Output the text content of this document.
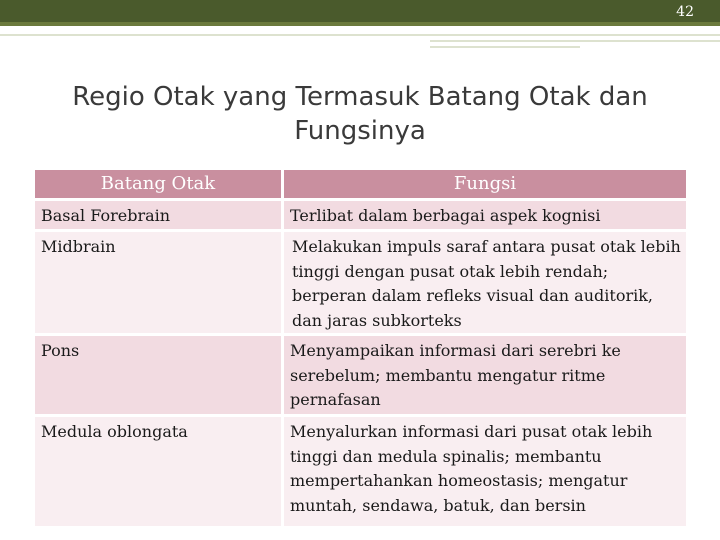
42
Regio Otak yang Termasuk Batang Otak dan Fungsinya
Batang Otak	Fungsi
Basal Forebrain	Terlibat dalam berbagai aspek kognisi
Midbrain	Melakukan impuls saraf antara pusat otak lebih tinggi dengan pusat otak lebih rendah; berperan dalam refleks visual dan auditorik, dan jaras subkorteks
Pons	Menyampaikan informasi dari serebri ke serebelum; membantu mengatur ritme pernafasan
Medula oblongata	Menyalurkan informasi dari pusat otak lebih tinggi dan medula spinalis; membantu mempertahankan homeostasis; mengatur muntah, sendawa, batuk, dan bersin
